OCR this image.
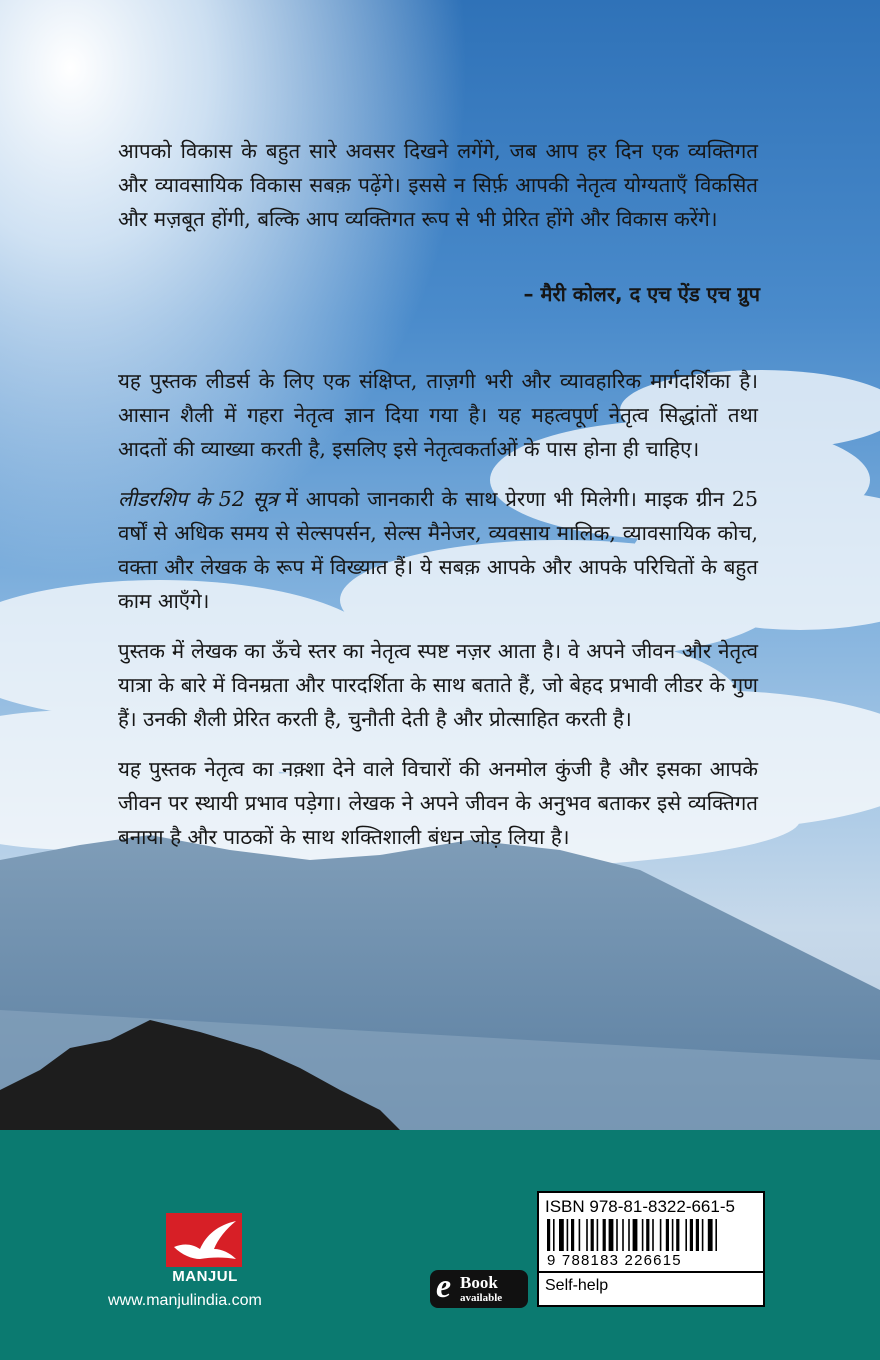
आपको विकास के बहुत सारे अवसर दिखने लगेंगे, जब आप हर दिन एक व्यक्तिगत और व्यावसायिक विकास सबक़ पढ़ेंगे। इससे न सिर्फ़ आपकी नेतृत्व योग्यताएँ विकसित और मज़बूत होंगी, बल्कि आप व्यक्तिगत रूप से भी प्रेरित होंगे और विकास करेंगे।

– मैरी कोलर, द एच ऐंड एच ग्रुप

यह पुस्तक लीडर्स के लिए एक संक्षिप्त, ताज़गी भरी और व्यावहारिक मार्गदर्शिका है। आसान शैली में गहरा नेतृत्व ज्ञान दिया गया है। यह महत्वपूर्ण नेतृत्व सिद्धांतों तथा आदतों की व्याख्या करती है, इसलिए इसे नेतृत्वकर्ताओं के पास होना ही चाहिए।

लीडरशिप के 52 सूत्र में आपको जानकारी के साथ प्रेरणा भी मिलेगी। माइक ग्रीन 25 वर्षों से अधिक समय से सेल्सपर्सन, सेल्स मैनेजर, व्यवसाय मालिक, व्यावसायिक कोच, वक्ता और लेखक के रूप में विख्यात हैं। ये सबक़ आपके और आपके परिचितों के बहुत काम आएँगे।

पुस्तक में लेखक का ऊँचे स्तर का नेतृत्व स्पष्ट नज़र आता है। वे अपने जीवन और नेतृत्व यात्रा के बारे में विनम्रता और पारदर्शिता के साथ बताते हैं, जो बेहद प्रभावी लीडर के गुण हैं। उनकी शैली प्रेरित करती है, चुनौती देती है और प्रोत्साहित करती है।

यह पुस्तक नेतृत्व का नक़्शा देने वाले विचारों की अनमोल कुंजी है और इसका आपके जीवन पर स्थायी प्रभाव पड़ेगा। लेखक ने अपने जीवन के अनुभव बताकर इसे व्यक्तिगत बनाया है और पाठकों के साथ शक्तिशाली बंधन जोड़ लिया है।

MANJUL
www.manjulindia.com	e Book
available
ISBN 978-81-8322-661-5
9 788183 226615
Self-help
